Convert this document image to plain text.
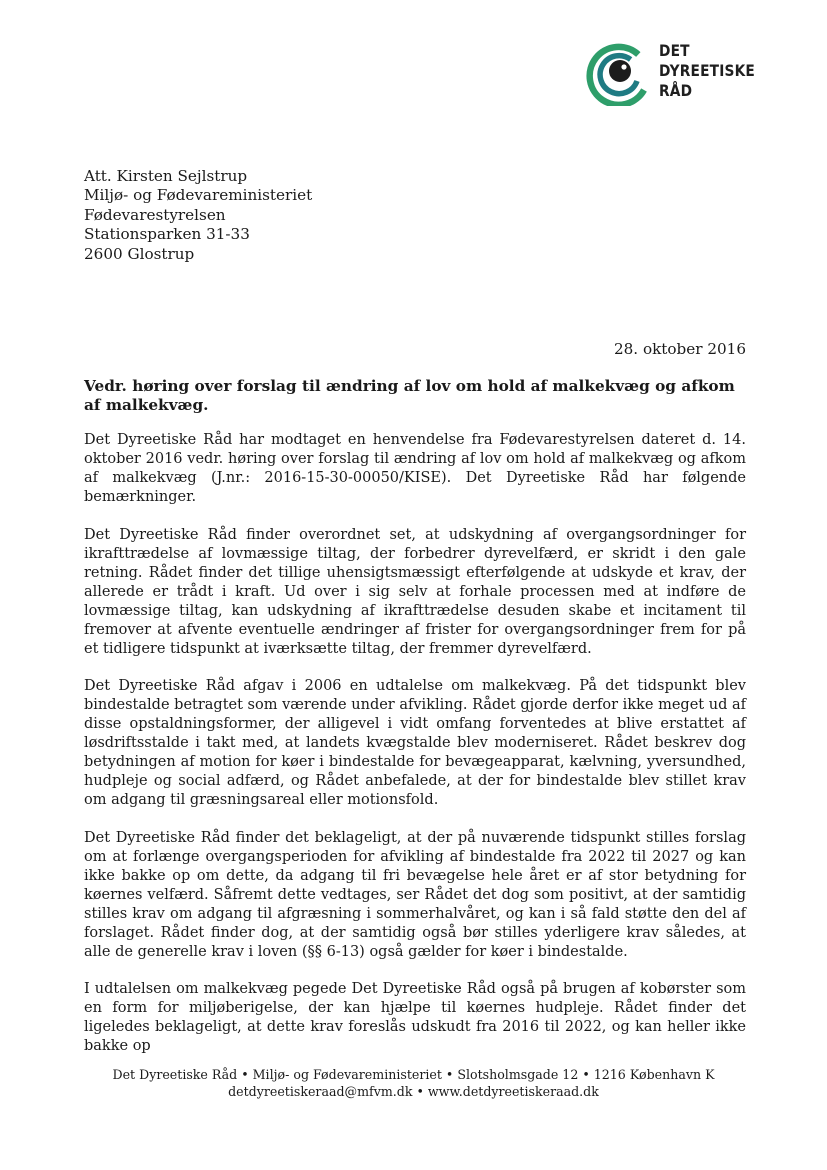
DET
DYREETISKE
RÅD
Att. Kirsten Sejlstrup
Miljø- og Fødevareministeriet
Fødevarestyrelsen
Stationsparken 31-33
2600 Glostrup
28. oktober 2016
Vedr. høring over forslag til ændring af lov om hold af malkekvæg og afkom af malkekvæg.

Det Dyreetiske Råd har modtaget en henvendelse fra Fødevarestyrelsen dateret d. 14. oktober 2016 vedr. høring over forslag til ændring af lov om hold af malkekvæg og afkom af malkekvæg (J.nr.: 2016-15-30-00050/KISE). Det Dyreetiske Råd har følgende bemærkninger.

Det Dyreetiske Råd finder overordnet set, at udskydning af overgangsordninger for ikrafttrædelse af lovmæssige tiltag, der forbedrer dyrevelfærd, er skridt i den gale retning. Rådet finder det tillige uhensigtsmæssigt efterfølgende at udskyde et krav, der allerede er trådt i kraft. Ud over i sig selv at forhale processen med at indføre de lovmæssige tiltag, kan udskydning af ikrafttrædelse desuden skabe et incitament til fremover at afvente eventuelle ændringer af frister for overgangsordninger frem for på et tidligere tidspunkt at iværksætte tiltag, der fremmer dyrevelfærd.

Det Dyreetiske Råd afgav i 2006 en udtalelse om malkekvæg. På det tidspunkt blev bindestalde betragtet som værende under afvikling. Rådet gjorde derfor ikke meget ud af disse opstaldningsformer, der alligevel i vidt omfang forventedes at blive erstattet af løsdriftsstalde i takt med, at landets kvægstalde blev moderniseret. Rådet beskrev dog betydningen af motion for køer i bindestalde for bevægeapparat, kælvning, yversundhed, hudpleje og social adfærd, og Rådet anbefalede, at der for bindestalde blev stillet krav om adgang til græsningsareal eller motionsfold.

Det Dyreetiske Råd finder det beklageligt, at der på nuværende tidspunkt stilles forslag om at forlænge overgangsperioden for afvikling af bindestalde fra 2022 til 2027 og kan ikke bakke op om dette, da adgang til fri bevægelse hele året er af stor betydning for køernes velfærd. Såfremt dette vedtages, ser Rådet det dog som positivt, at der samtidig stilles krav om adgang til afgræsning i sommerhalvåret, og kan i så fald støtte den del af forslaget. Rådet finder dog, at der samtidig også bør stilles yderligere krav således, at alle de generelle krav i loven (§§ 6-13) også gælder for køer i bindestalde.

I udtalelsen om malkekvæg pegede Det Dyreetiske Råd også på brugen af kobørster som en form for miljøberigelse, der kan hjælpe til køernes hudpleje. Rådet finder det ligeledes beklageligt, at dette krav foreslås udskudt fra 2016 til 2022, og kan heller ikke bakke op

Det Dyreetiske Råd • Miljø- og Fødevareministeriet • Slotsholmsgade 12 • 1216 København K
detdyreetiskeraad@mfvm.dk • www.detdyreetiskeraad.dk
